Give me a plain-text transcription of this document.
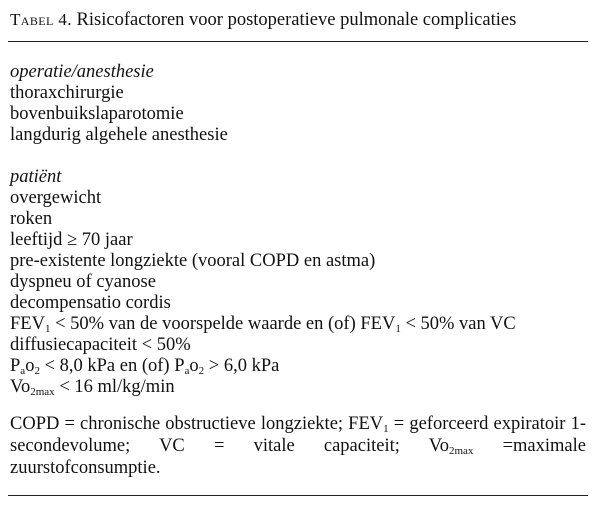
Tabel 4. Risicofactoren voor postoperatieve pulmonale complicaties
operatie/anesthesie
thoraxchirurgie
bovenbuikslaparotomie
langdurig algehele anesthesie
patiënt
overgewicht
roken
leeftijd ≥ 70 jaar
pre-existente longziekte (vooral COPD en astma)
dyspneu of cyanose
decompensatio cordis
$FEV_1 < 50\%$ van de voorspelde waarde en (of) $FEV_1 < 50\%$ van VC
diffusiecapaciteit < 50%
$P_ao_2 < 8,0$ kPa en (of) $P_ao_2 > 6,0$ kPa
$Vo_{2max} < 16$ ml/kg/min
COPD = chronische obstructieve longziekte; $FEV_1$ = geforceerd expiratoir 1-secondevolume; VC = vitale capaciteit; $Vo_{2max}$ =maximale zuurstofconsumptie.
